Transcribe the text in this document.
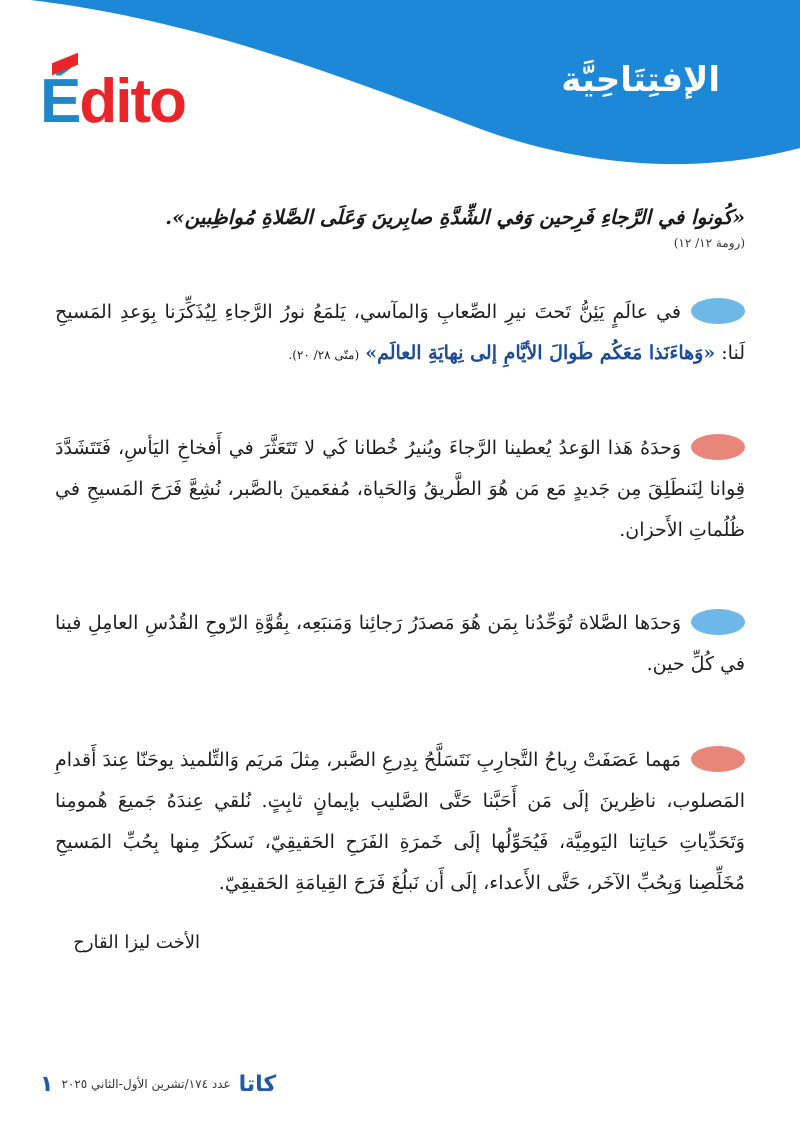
الإفتِتَاحِيَّة
Édito

«كُونوا في الرَّجاءِ فَرِحين وَفي الشِّدَّةِ صابِرينَ وَعَلَى الصَّلاةِ مُواظِبين».

(رومة ١٢/ ١٢)

في عالَمٍ يَئِنُّ تَحتَ نيرِ الصِّعابِ وَالمآسي، يَلمَعُ نورُ الرَّجاءِ لِيُذَكِّرَنا بِوَعدِ المَسيحِ لَنا: «وَهاءَنَذا مَعَكُم طَوالَ الأيَّامِ إلى نِهايَةِ العالَم» (متّى ٢٨/ ٢٠).

وَحدَهُ هَذا الوَعدُ يُعطينا الرَّجاءَ ويُنيرُ خُطانا كَي لا تَتَعَثَّرَ في أَفخاخِ اليَأسِ، فَتَتَشَدَّدَ قِوانا لِنَنطَلِقَ مِن جَديدٍ مَع مَن هُوَ الطَّريقُ وَالحَياة، مُفعَمينَ بالصَّبر، نُشِعَّ فَرَحَ المَسيحِ في ظُلُماتِ الأَحزان.

وَحدَها الصَّلاة تُوَحِّدُنا بِمَن هُوَ مَصدَرُ رَجائِنا وَمَنبَعِه، بِقُوَّةِ الرّوحِ القُدُسِ العامِلِ فينا في كُلِّ حين.

مَهما عَصَفَتْ رِياحُ التَّجارِبِ نَتَسَلَّحُ بِدِرعِ الصَّبر، مِثلَ مَريَم وَالتِّلميذ يوحَنّا عِندَ أَقدامِ المَصلوب، ناظِرينَ إلَى مَن أَحَبَّنا حَتَّى الصَّليب بإيمانٍ ثابِتٍ. نُلقي عِندَهُ جَميعَ هُمومِنا وَتَحَدِّياتِ حَياتِنا اليَومِيَّة، فَيُحَوِّلُها إلَى خَمرَةِ الفَرَحِ الحَقيقِيّ، نَسكَرُ مِنها بِحُبِّ المَسيحِ مُخَلِّصِنا وَبِحُبِّ الآخَر، حَتَّى الأَعداء، إلَى أَن نَبلُغَ فَرَحَ القِيامَةِ الحَقيقِيّ.

الأخت ليزا القارح
كاتا
عدد ١٧٤/تشرين الأول-الثاني ٢٠٢٥
١
